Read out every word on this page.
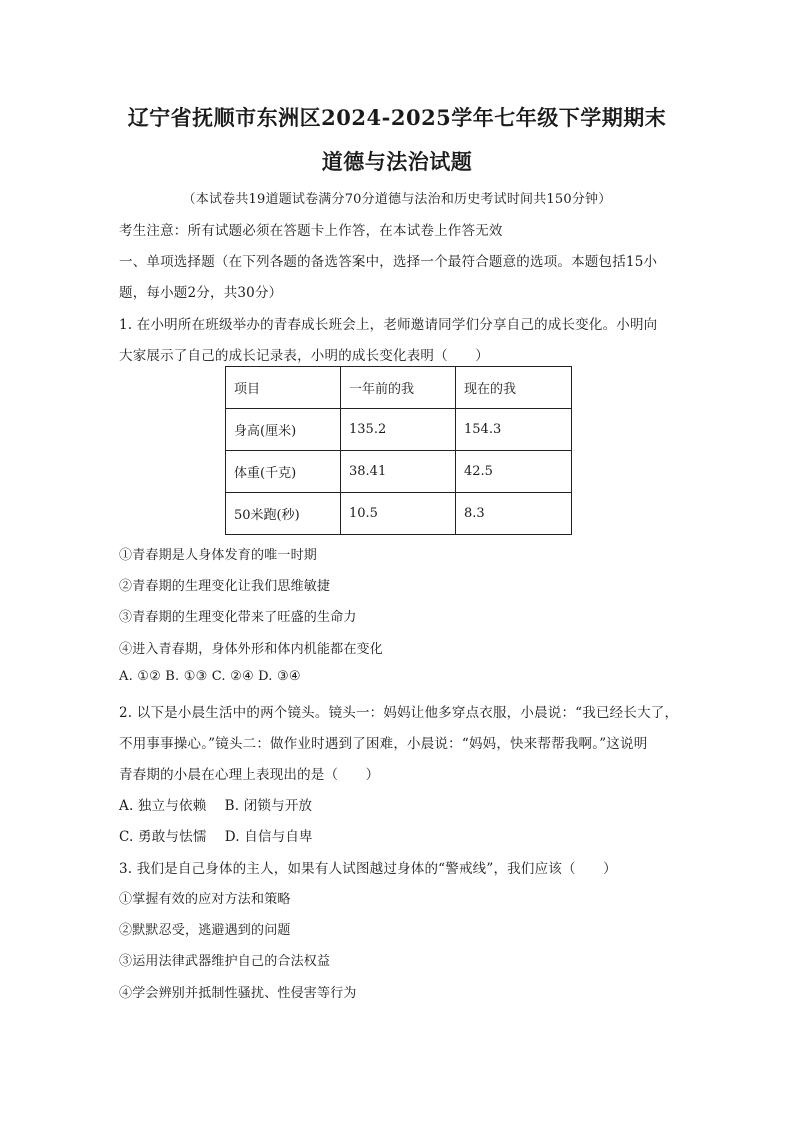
辽宁省抚顺市东洲区2024-2025学年七年级下学期期末
道德与法治试题
（本试卷共19道题试卷满分70分道德与法治和历史考试时间共150分钟）
考生注意：所有试题必须在答题卡上作答，在本试卷上作答无效
一、单项选择题（在下列各题的备选答案中，选择一个最符合题意的选项。本题包括15小
题，每小题2分，共30分）
1. 在小明所在班级举办的青春成长班会上，老师邀请同学们分享自己的成长变化。小明向
大家展示了自己的成长记录表，小明的成长变化表明（　　）
项目	一年前的我	现在的我
身高(厘米)	135.2	154.3
体重(千克)	38.41	42.5
50米跑(秒)	10.5	8.3
①青春期是人身体发育的唯一时期
②青春期的生理变化让我们思维敏捷
③青春期的生理变化带来了旺盛的生命力
④进入青春期，身体外形和体内机能都在变化
A. ①② B. ①③ C. ②④ D. ③④
2. 以下是小晨生活中的两个镜头。镜头一：妈妈让他多穿点衣服，小晨说：“我已经长大了，
不用事事操心。”镜头二：做作业时遇到了困难，小晨说：“妈妈，快来帮帮我啊。”这说明
青春期的小晨在心理上表现出的是（　　）
A. 独立与依赖　 B. 闭锁与开放
C. 勇敢与怯懦　 D. 自信与自卑
3. 我们是自己身体的主人，如果有人试图越过身体的“警戒线”，我们应该（　　）
①掌握有效的应对方法和策略
②默默忍受，逃避遇到的问题
③运用法律武器维护自己的合法权益
④学会辨别并抵制性骚扰、性侵害等行为
